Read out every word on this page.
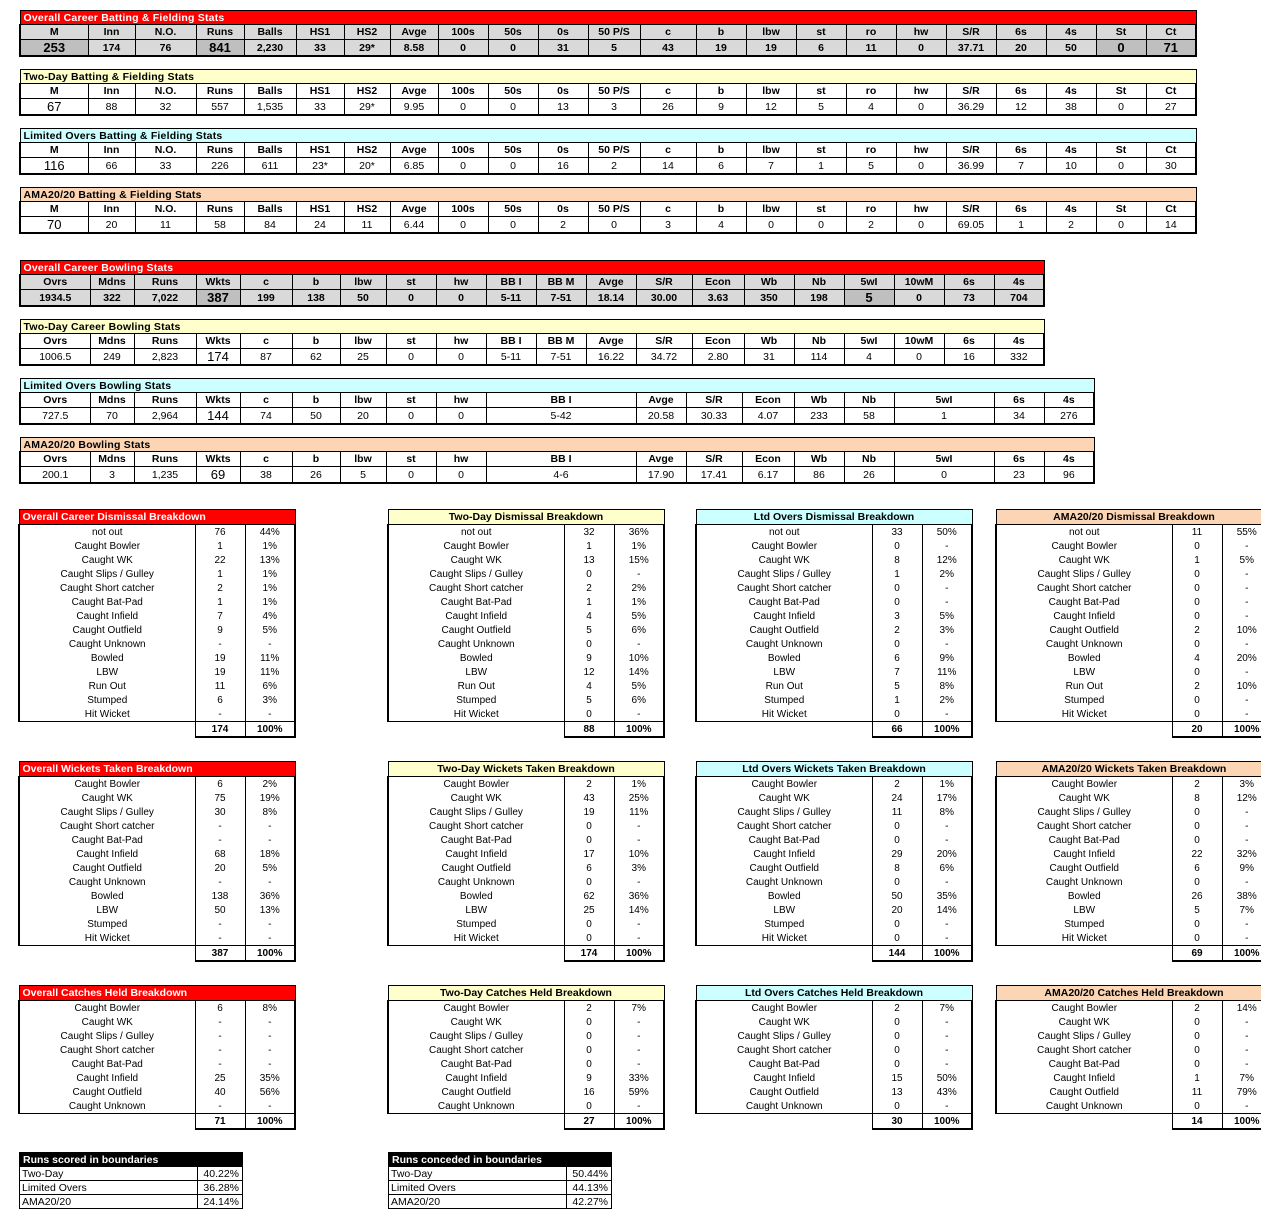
Overall Career Batting & Fielding Stats																						
M	Inn	N.O.	Runs	Balls	HS1	HS2	Avge	100s	50s	0s	50 P/S	c	b	lbw	st	ro	hw	S/R	6s	4s	St	Ct
253	174	76	841	2,230	33	29*	8.58	0	0	31	5	43	19	19	6	11	0	37.71	20	50	0	71
Two-Day Batting & Fielding Stats																						
M	Inn	N.O.	Runs	Balls	HS1	HS2	Avge	100s	50s	0s	50 P/S	c	b	lbw	st	ro	hw	S/R	6s	4s	St	Ct
67	88	32	557	1,535	33	29*	9.95	0	0	13	3	26	9	12	5	4	0	36.29	12	38	0	27
Limited Overs Batting & Fielding Stats																						
M	Inn	N.O.	Runs	Balls	HS1	HS2	Avge	100s	50s	0s	50 P/S	c	b	lbw	st	ro	hw	S/R	6s	4s	St	Ct
116	66	33	226	611	23*	20*	6.85	0	0	16	2	14	6	7	1	5	0	36.99	7	10	0	30
AMA20/20 Batting & Fielding Stats																						
M	Inn	N.O.	Runs	Balls	HS1	HS2	Avge	100s	50s	0s	50 P/S	c	b	lbw	st	ro	hw	S/R	6s	4s	St	Ct
70	20	11	58	84	24	11	6.44	0	0	2	0	3	4	0	0	2	0	69.05	1	2	0	14
Overall Career Bowling Stats																			
Ovrs	Mdns	Runs	Wkts	c	b	lbw	st	hw	BB I	BB M	Avge	S/R	Econ	Wb	Nb	5wI	10wM	6s	4s
1934.5	322	7,022	387	199	138	50	0	0	5-11	7-51	18.14	30.00	3.63	350	198	5	0	73	704
Two-Day Career Bowling Stats																			
Ovrs	Mdns	Runs	Wkts	c	b	lbw	st	hw	BB I	BB M	Avge	S/R	Econ	Wb	Nb	5wI	10wM	6s	4s
1006.5	249	2,823	174	87	62	25	0	0	5-11	7-51	16.22	34.72	2.80	31	114	4	0	16	332
Limited Overs Bowling Stats																	
Ovrs	Mdns	Runs	Wkts	c	b	lbw	st	hw	BB I	Avge	S/R	Econ	Wb	Nb	5wI	6s	4s
727.5	70	2,964	144	74	50	20	0	0	5-42	20.58	30.33	4.07	233	58	1	34	276
AMA20/20 Bowling Stats																	
Ovrs	Mdns	Runs	Wkts	c	b	lbw	st	hw	BB I	Avge	S/R	Econ	Wb	Nb	5wI	6s	4s
200.1	3	1,235	69	38	26	5	0	0	4-6	17.90	17.41	6.17	86	26	0	23	96
Overall Career Dismissal Breakdown		
not out	76	44%
Caught Bowler	1	1%
Caught WK	22	13%
Caught Slips / Gulley	1	1%
Caught Short catcher	2	1%
Caught Bat-Pad	1	1%
Caught Infield	7	4%
Caught Outfield	9	5%
Caught Unknown	-	-
Bowled	19	11%
LBW	19	11%
Run Out	11	6%
Stumped	6	3%
Hit Wicket	-	-
	174	100%
Two-Day Dismissal Breakdown		
not out	32	36%
Caught Bowler	1	1%
Caught WK	13	15%
Caught Slips / Gulley	0	-
Caught Short catcher	2	2%
Caught Bat-Pad	1	1%
Caught Infield	4	5%
Caught Outfield	5	6%
Caught Unknown	0	-
Bowled	9	10%
LBW	12	14%
Run Out	4	5%
Stumped	5	6%
Hit Wicket	0	-
	88	100%
Ltd Overs Dismissal Breakdown		
not out	33	50%
Caught Bowler	0	-
Caught WK	8	12%
Caught Slips / Gulley	1	2%
Caught Short catcher	0	-
Caught Bat-Pad	0	-
Caught Infield	3	5%
Caught Outfield	2	3%
Caught Unknown	0	-
Bowled	6	9%
LBW	7	11%
Run Out	5	8%
Stumped	1	2%
Hit Wicket	0	-
	66	100%
AMA20/20 Dismissal Breakdown		
not out	11	55%
Caught Bowler	0	-
Caught WK	1	5%
Caught Slips / Gulley	0	-
Caught Short catcher	0	-
Caught Bat-Pad	0	-
Caught Infield	0	-
Caught Outfield	2	10%
Caught Unknown	0	-
Bowled	4	20%
LBW	0	-
Run Out	2	10%
Stumped	0	-
Hit Wicket	0	-
	20	100%
Overall Wickets Taken Breakdown		
Caught Bowler	6	2%
Caught WK	75	19%
Caught Slips / Gulley	30	8%
Caught Short catcher	-	-
Caught Bat-Pad	-	-
Caught Infield	68	18%
Caught Outfield	20	5%
Caught Unknown	-	-
Bowled	138	36%
LBW	50	13%
Stumped	-	-
Hit Wicket	-	-
	387	100%
Two-Day Wickets Taken Breakdown		
Caught Bowler	2	1%
Caught WK	43	25%
Caught Slips / Gulley	19	11%
Caught Short catcher	0	-
Caught Bat-Pad	0	-
Caught Infield	17	10%
Caught Outfield	6	3%
Caught Unknown	0	-
Bowled	62	36%
LBW	25	14%
Stumped	0	-
Hit Wicket	0	-
	174	100%
Ltd Overs Wickets Taken Breakdown		
Caught Bowler	2	1%
Caught WK	24	17%
Caught Slips / Gulley	11	8%
Caught Short catcher	0	-
Caught Bat-Pad	0	-
Caught Infield	29	20%
Caught Outfield	8	6%
Caught Unknown	0	-
Bowled	50	35%
LBW	20	14%
Stumped	0	-
Hit Wicket	0	-
	144	100%
AMA20/20 Wickets Taken Breakdown		
Caught Bowler	2	3%
Caught WK	8	12%
Caught Slips / Gulley	0	-
Caught Short catcher	0	-
Caught Bat-Pad	0	-
Caught Infield	22	32%
Caught Outfield	6	9%
Caught Unknown	0	-
Bowled	26	38%
LBW	5	7%
Stumped	0	-
Hit Wicket	0	-
	69	100%
Overall Catches Held Breakdown		
Caught Bowler	6	8%
Caught WK	-	-
Caught Slips / Gulley	-	-
Caught Short catcher	-	-
Caught Bat-Pad	-	-
Caught Infield	25	35%
Caught Outfield	40	56%
Caught Unknown	-	-
	71	100%
Two-Day Catches Held Breakdown		
Caught Bowler	2	7%
Caught WK	0	-
Caught Slips / Gulley	0	-
Caught Short catcher	0	-
Caught Bat-Pad	0	-
Caught Infield	9	33%
Caught Outfield	16	59%
Caught Unknown	0	-
	27	100%
Ltd Overs Catches Held Breakdown		
Caught Bowler	2	7%
Caught WK	0	-
Caught Slips / Gulley	0	-
Caught Short catcher	0	-
Caught Bat-Pad	0	-
Caught Infield	15	50%
Caught Outfield	13	43%
Caught Unknown	0	-
	30	100%
AMA20/20 Catches Held Breakdown		
Caught Bowler	2	14%
Caught WK	0	-
Caught Slips / Gulley	0	-
Caught Short catcher	0	-
Caught Bat-Pad	0	-
Caught Infield	1	7%
Caught Outfield	11	79%
Caught Unknown	0	-
	14	100%
Runs scored in boundaries	
Two-Day	40.22%
Limited Overs	36.28%
AMA20/20	24.14%
Runs conceded in boundaries	
Two-Day	50.44%
Limited Overs	44.13%
AMA20/20	42.27%
